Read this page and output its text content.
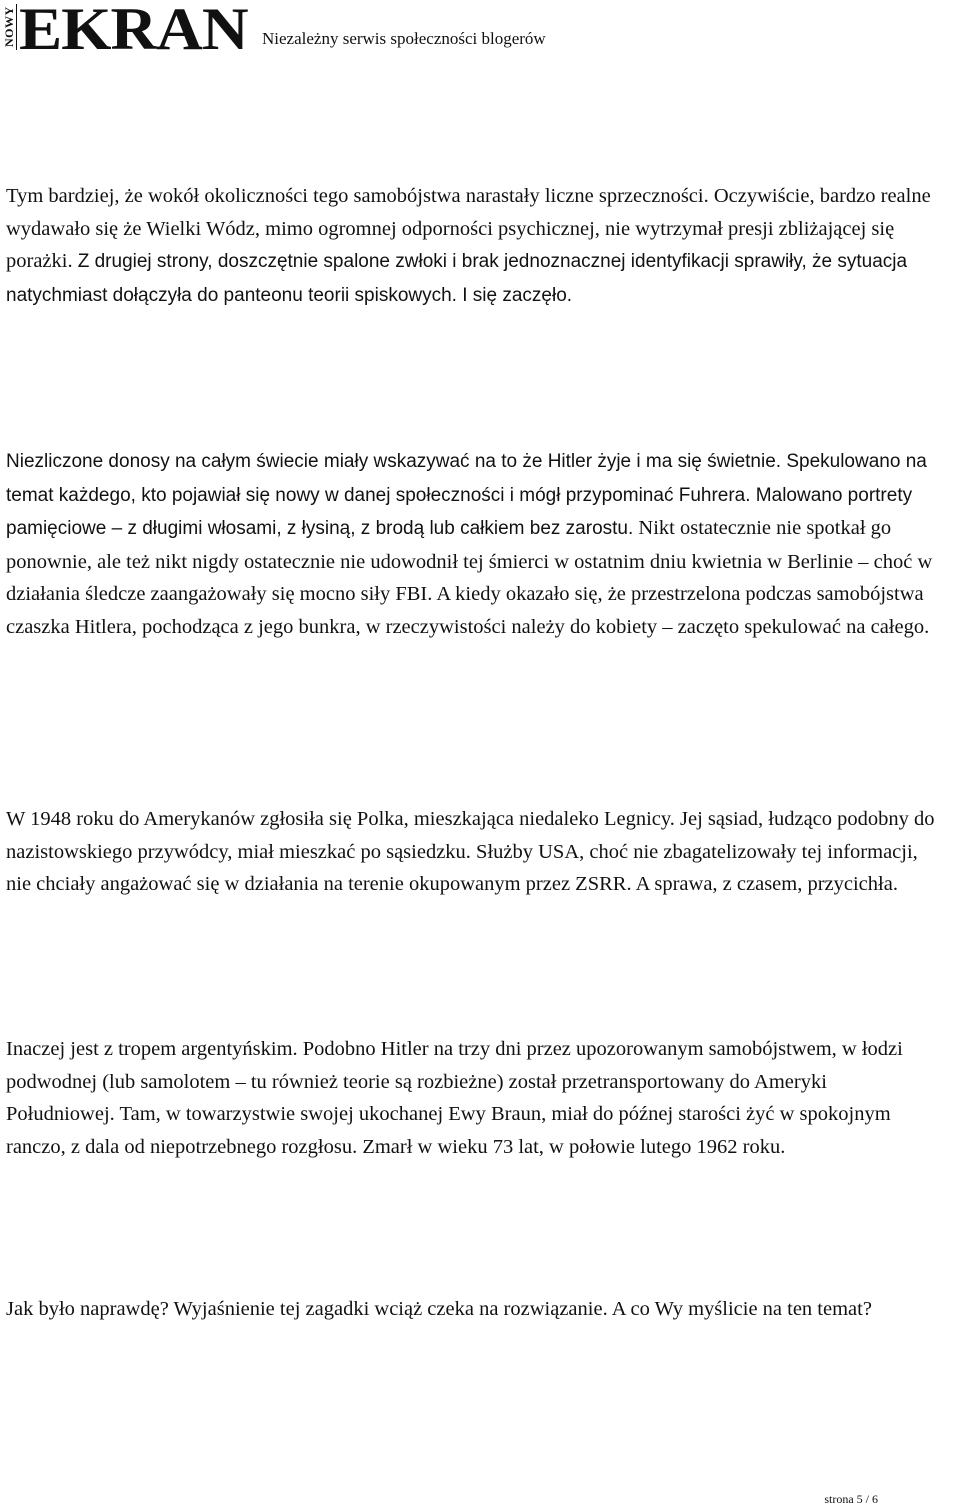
NOWY EKRAN Niezależny serwis społeczności blogerów

Tym bardziej, że wokół okoliczności tego samobójstwa narastały liczne sprzeczności. Oczywiście, bardzo realne wydawało się że Wielki Wódz, mimo ogromnej odporności psychicznej, nie wytrzymał presji zbliżającej się porażki. Z drugiej strony, doszczętnie spalone zwłoki i brak jednoznacznej identyfikacji sprawiły, że sytuacja natychmiast dołączyła do panteonu teorii spiskowych. I się zaczęło.

Niezliczone donosy na całym świecie miały wskazywać na to że Hitler żyje i ma się świetnie. Spekulowano na temat każdego, kto pojawiał się nowy w danej społeczności i mógł przypominać Fuhrera. Malowano portrety pamięciowe – z długimi włosami, z łysiną, z brodą lub całkiem bez zarostu. Nikt ostatecznie nie spotkał go ponownie, ale też nikt nigdy ostatecznie nie udowodnił tej śmierci w ostatnim dniu kwietnia w Berlinie – choć w działania śledcze zaangażowały się mocno siły FBI. A kiedy okazało się, że przestrzelona podczas samobójstwa czaszka Hitlera, pochodząca z jego bunkra, w rzeczywistości należy do kobiety – zaczęto spekulować na całego.

W 1948 roku do Amerykanów zgłosiła się Polka, mieszkająca niedaleko Legnicy. Jej sąsiad, łudząco podobny do nazistowskiego przywódcy, miał mieszkać po sąsiedzku. Służby USA, choć nie zbagatelizowały tej informacji, nie chciały angażować się w działania na terenie okupowanym przez ZSRR. A sprawa, z czasem, przycichła.

Inaczej jest z tropem argentyńskim. Podobno Hitler na trzy dni przez upozorowanym samobójstwem, w łodzi podwodnej (lub samolotem – tu również teorie są rozbieżne) został przetransportowany do Ameryki Południowej. Tam, w towarzystwie swojej ukochanej Ewy Braun, miał do późnej starości żyć w spokojnym ranczo, z dala od niepotrzebnego rozgłosu. Zmarł w wieku 73 lat, w połowie lutego 1962 roku.

Jak było naprawdę? Wyjaśnienie tej zagadki wciąż czeka na rozwiązanie. A co Wy myślicie na ten temat?

strona 5 / 6
